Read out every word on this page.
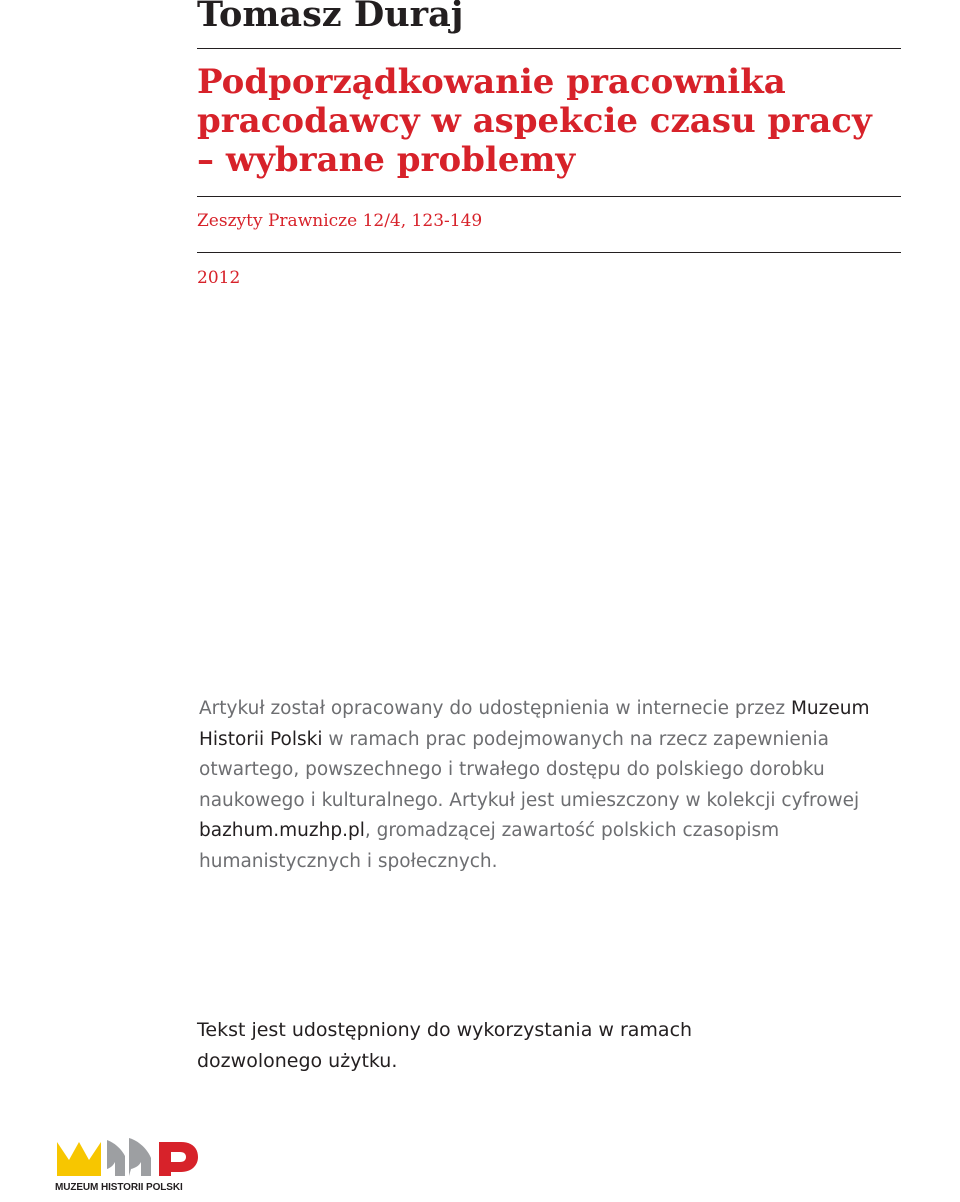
Tomasz Duraj
Podporządkowanie pracownika pracodawcy w aspekcie czasu pracy – wybrane problemy
Zeszyty Prawnicze 12/4, 123-149
2012

Artykuł został opracowany do udostępnienia w internecie przez Muzeum Historii Polski w ramach prac podejmowanych na rzecz zapewnienia otwartego, powszechnego i trwałego dostępu do polskiego dorobku naukowego i kulturalnego. Artykuł jest umieszczony w kolekcji cyfrowej bazhum.muzhp.pl, gromadzącej zawartość polskich czasopism humanistycznych i społecznych.

Tekst jest udostępniony do wykorzystania w ramach dozwolonego użytku.

MUZEUM HISTORII POLSKI
